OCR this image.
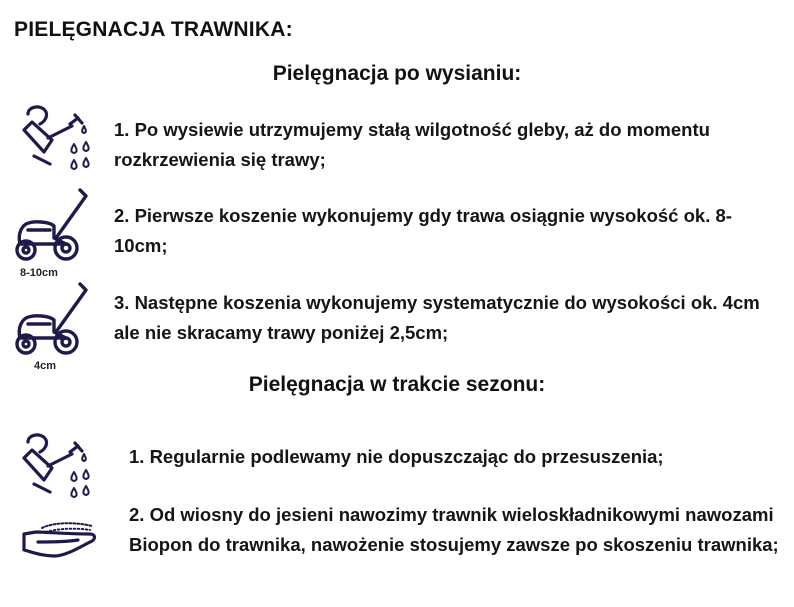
PIELĘGNACJA TRAWNIKA:
Pielęgnacja po wysianiu:

1. Po wysiewie utrzymujemy stałą wilgotność gleby, aż do momentu rozkrzewienia się trawy;

8-10cm

2. Pierwsze koszenie wykonujemy gdy trawa osiągnie wysokość ok. 8-10cm;

4cm

3. Następne koszenia wykonujemy systematycznie do wysokości ok. 4cm ale nie skracamy trawy poniżej 2,5cm;

Pielęgnacja w trakcie sezonu:

1. Regularnie podlewamy nie dopuszczając do przesuszenia;

2. Od wiosny do jesieni nawozimy trawnik wieloskładnikowymi nawozami Biopon do trawnika, nawożenie stosujemy zawsze po skoszeniu trawnika;
